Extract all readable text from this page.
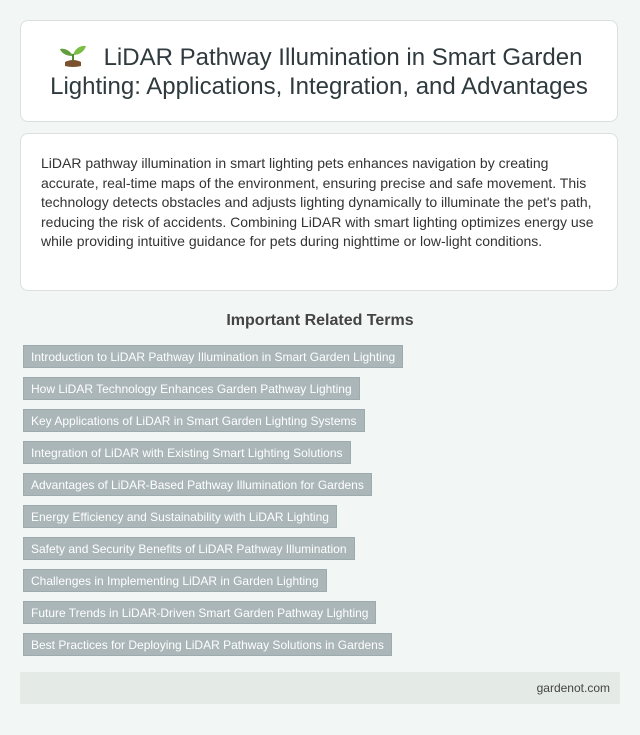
LiDAR Pathway Illumination in Smart Garden Lighting: Applications, Integration, and Advantages

LiDAR pathway illumination in smart lighting pets enhances navigation by creating accurate, real-time maps of the environment, ensuring precise and safe movement. This technology detects obstacles and adjusts lighting dynamically to illuminate the pet's path, reducing the risk of accidents. Combining LiDAR with smart lighting optimizes energy use while providing intuitive guidance for pets during nighttime or low-light conditions.

Important Related Terms
Introduction to LiDAR Pathway Illumination in Smart Garden Lighting
How LiDAR Technology Enhances Garden Pathway Lighting
Key Applications of LiDAR in Smart Garden Lighting Systems
Integration of LiDAR with Existing Smart Lighting Solutions
Advantages of LiDAR-Based Pathway Illumination for Gardens
Energy Efficiency and Sustainability with LiDAR Lighting
Safety and Security Benefits of LiDAR Pathway Illumination
Challenges in Implementing LiDAR in Garden Lighting
Future Trends in LiDAR-Driven Smart Garden Pathway Lighting
Best Practices for Deploying LiDAR Pathway Solutions in Gardens
gardenot.com
